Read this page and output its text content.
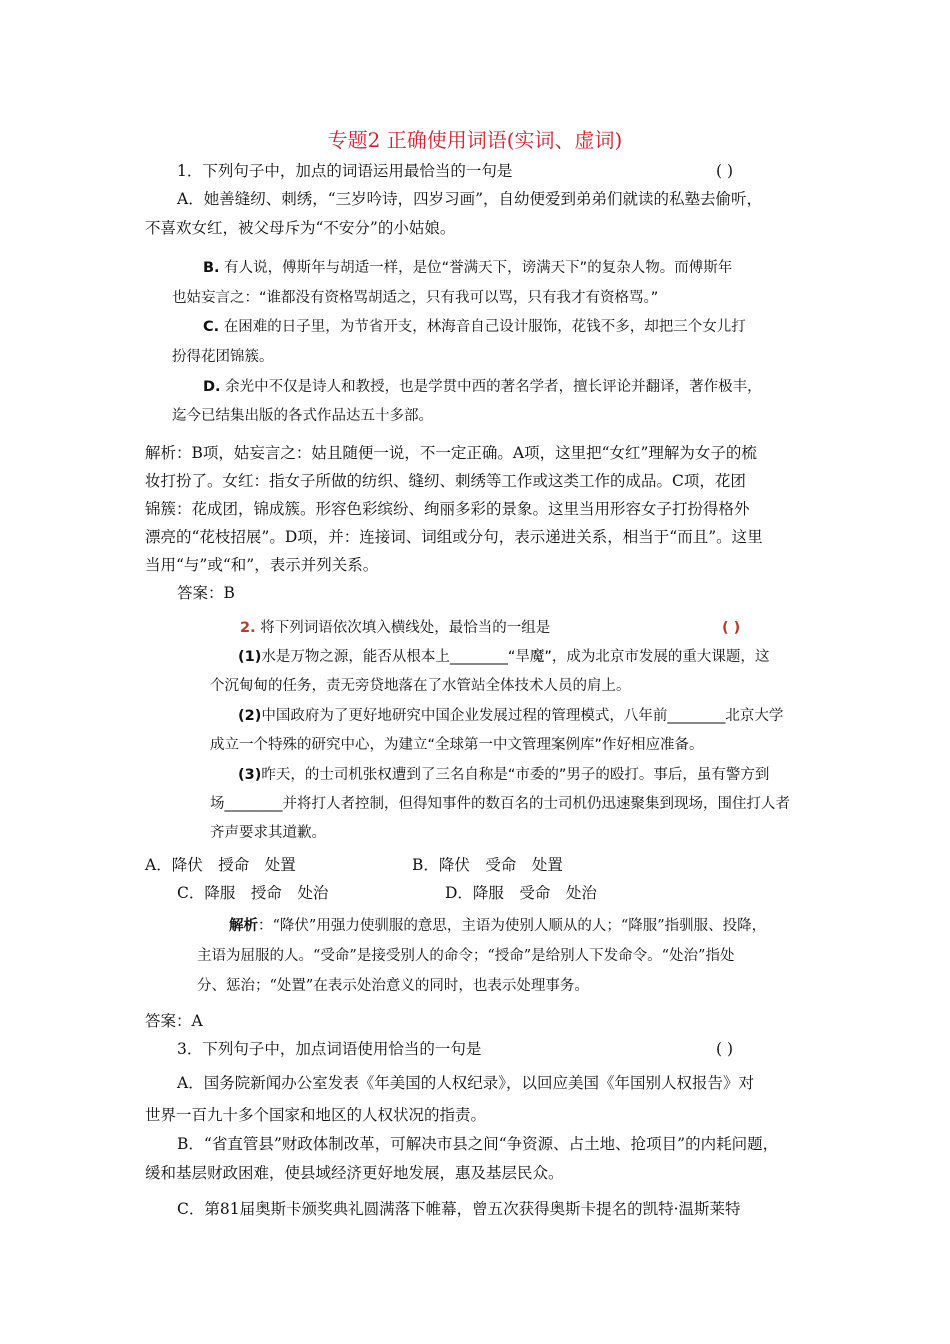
专题2 正确使用词语(实词、虚词)
1．下列句子中，加点的词语运用最恰当的一句是	( )
A．她善缝纫、刺绣，“三岁吟诗，四岁习画”，自幼便爱到弟弟们就读的私塾去偷听，
不喜欢女红，被父母斥为“不安分”的小姑娘。
B. 有人说，傅斯年与胡适一样，是位“誉满天下，谤满天下”的复杂人物。而傅斯年
也姑妄言之：“谁都没有资格骂胡适之，只有我可以骂，只有我才有资格骂。”
C. 在困难的日子里，为节省开支，林海音自己设计服饰，花钱不多，却把三个女儿打
扮得花团锦簇。
D. 余光中不仅是诗人和教授，也是学贯中西的著名学者，擅长评论并翻译，著作极丰，
迄今已结集出版的各式作品达五十多部。
解析：B项，姑妄言之：姑且随便一说，不一定正确。A项，这里把“女红”理解为女子的梳
妆打扮了。女红：指女子所做的纺织、缝纫、刺绣等工作或这类工作的成品。C项，花团
锦簇：花成团，锦成簇。形容色彩缤纷、绚丽多彩的景象。这里当用形容女子打扮得格外
漂亮的“花枝招展”。D项，并：连接词、词组或分句，表示递进关系，相当于“而且”。这里
当用“与”或“和”，表示并列关系。
答案：B
2. 将下列词语依次填入横线处，最恰当的一组是	( )
(1)水是万物之源，能否从根本上________“旱魔”，成为北京市发展的重大课题，这
个沉甸甸的任务，责无旁贷地落在了水管站全体技术人员的肩上。
(2)中国政府为了更好地研究中国企业发展过程的管理模式，八年前________北京大学
成立一个特殊的研究中心，为建立“全球第一中文管理案例库”作好相应准备。
(3)昨天，的士司机张权遭到了三名自称是“市委的”男子的殴打。事后，虽有警方到
场________并将打人者控制，但得知事件的数百名的士司机仍迅速聚集到现场，围住打人者
齐声要求其道歉。
A．降伏　授命　处置	B．降伏　受命　处置
C．降服　授命　处治	D．降服　受命　处治
解析：“降伏”用强力使驯服的意思，主语为使别人顺从的人；“降服”指驯服、投降，
主语为屈服的人。“受命”是接受别人的命令；“授命”是给别人下发命令。“处治”指处
分、惩治；“处置”在表示处治意义的同时，也表示处理事务。
答案：A
3．下列句子中，加点词语使用恰当的一句是	( )
A．国务院新闻办公室发表《年美国的人权纪录》，以回应美国《年国别人权报告》对
世界一百九十多个国家和地区的人权状况的指责。
B．“省直管县”财政体制改革，可解决市县之间“争资源、占土地、抢项目”的内耗问题，
缓和基层财政困难，使县域经济更好地发展，惠及基层民众。
C．第81届奥斯卡颁奖典礼圆满落下帷幕，曾五次获得奥斯卡提名的凯特·温斯莱特
